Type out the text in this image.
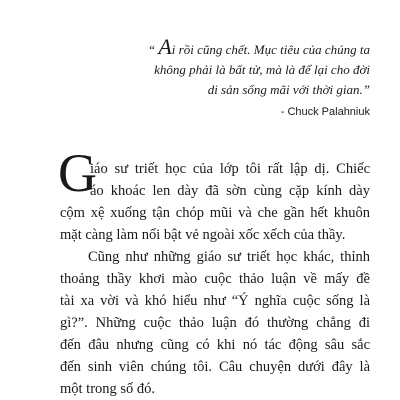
“ Ai rồi cũng chết. Mục tiêu của chúng ta
không phải là bất tử, mà là để lại cho đời
di sản sống mãi với thời gian.”
- Chuck Palahniuk
G
iáo sư triết học của lớp tôi rất lập dị. Chiếc
áo khoác len dày đã sờn cùng cặp kính dày
cộm xệ xuống tận chóp mũi và che gần hết khuôn
mặt càng làm nổi bật vẻ ngoài xốc xếch của thầy.
Cũng như những giáo sư triết học khác, thỉnh
thoảng thầy khơi mào cuộc thảo luận về mấy đề
tài xa vời và khó hiểu như “Ý nghĩa cuộc sống là
gì?”. Những cuộc thảo luận đó thường chẳng đi
đến đâu nhưng cũng có khi nó tác động sâu sắc
đến sinh viên chúng tôi. Câu chuyện dưới đây là
một trong số đó.
